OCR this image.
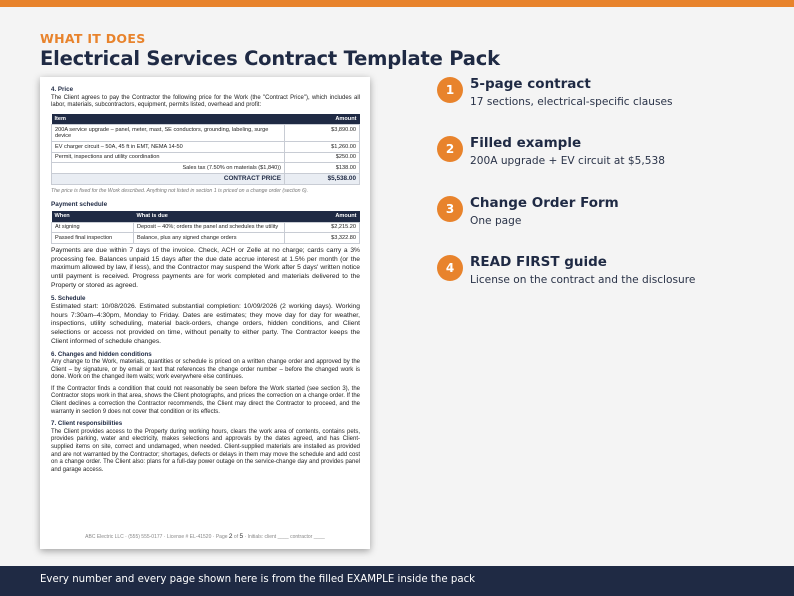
WHAT IT DOES
Electrical Services Contract Template Pack
4. Price

The Client agrees to pay the Contractor the following price for the Work (the "Contract Price"), which includes all labor, materials, subcontractors, equipment, permits listed, overhead and profit:

Item	Amount
200A service upgrade – panel, meter, mast, SE conductors, grounding, labeling, surge device	$3,890.00
EV charger circuit – 50A, 45 ft in EMT, NEMA 14-50	$1,260.00
Permit, inspections and utility coordination	$250.00
Sales tax (7.50% on materials ($1,840))	$138.00
CONTRACT PRICE	$5,538.00
The price is fixed for the Work described. Anything not listed in section 1 is priced on a change order (section 6).
Payment schedule
When	What is due	Amount
At signing	Deposit – 40%; orders the panel and schedules the utility	$2,215.20
Passed final inspection	Balance, plus any signed change orders	$3,322.80

Payments are due within 7 days of the invoice. Check, ACH or Zelle at no charge; cards carry a 3% processing fee. Balances unpaid 15 days after the due date accrue interest at 1.5% per month (or the maximum allowed by law, if less), and the Contractor may suspend the Work after 5 days' written notice until payment is received. Progress payments are for work completed and materials delivered to the Property or stored as agreed.

5. Schedule

Estimated start: 10/08/2026. Estimated substantial completion: 10/09/2026 (2 working days). Working hours 7:30am–4:30pm, Monday to Friday. Dates are estimates; they move day for day for weather, inspections, utility scheduling, material back-orders, change orders, hidden conditions, and Client selections or access not provided on time, without penalty to either party. The Contractor keeps the Client informed of schedule changes.

6. Changes and hidden conditions

Any change to the Work, materials, quantities or schedule is priced on a written change order and approved by the Client – by signature, or by email or text that references the change order number – before the changed work is done. Work on the changed item waits; work everywhere else continues.

If the Contractor finds a condition that could not reasonably be seen before the Work started (see section 3), the Contractor stops work in that area, shows the Client photographs, and prices the correction on a change order. If the Client declines a correction the Contractor recommends, the Client may direct the Contractor to proceed, and the warranty in section 9 does not cover that condition or its effects.

7. Client responsibilities

The Client provides access to the Property during working hours, clears the work area of contents, contains pets, provides parking, water and electricity, makes selections and approvals by the dates agreed, and has Client-supplied items on site, correct and undamaged, when needed. Client-supplied materials are installed as provided and are not warranted by the Contractor; shortages, defects or delays in them may move the schedule and add cost on a change order. The Client also: plans for a full-day power outage on the service-change day and provides panel and garage access.

ABC Electric LLC · (555) 555-0177 · License # EL-41520 · Page 2 of 5 · Initials: client ____ contractor ____
1	5-page contract
17 sections, electrical-specific clauses
2	Filled example
200A upgrade + EV circuit at $5,538
3	Change Order Form
One page
4	READ FIRST guide
License on the contract and the disclosure
Every number and every page shown here is from the filled EXAMPLE inside the pack
